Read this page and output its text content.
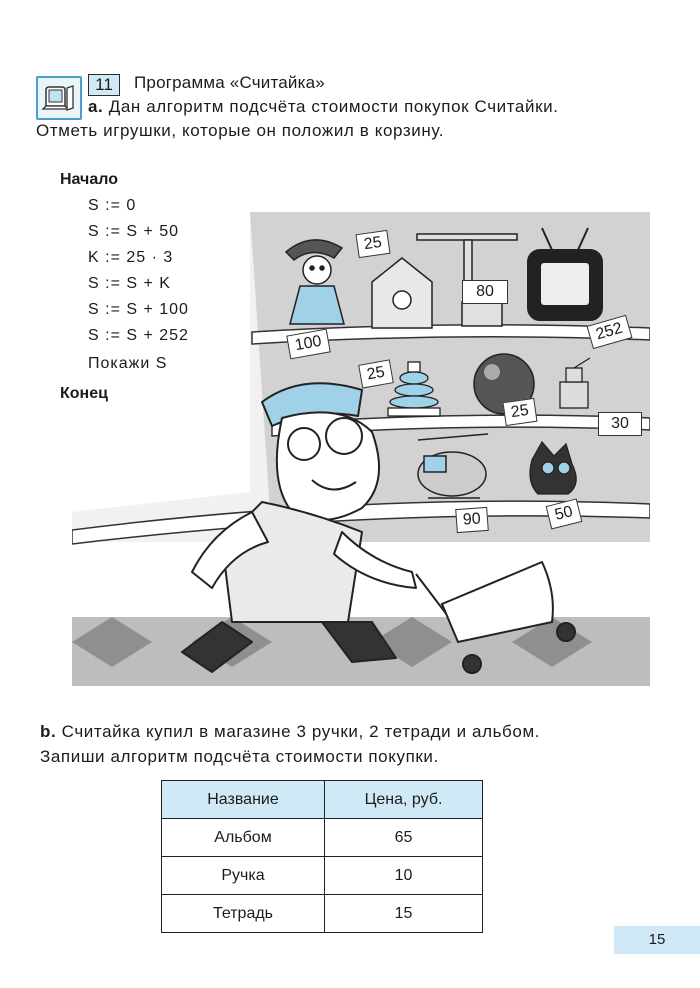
11	Программа «Считайка»
a. Дан алгоритм подсчёта стоимости покупок Считайки.
Отметь игрушки, которые он положил в корзину.
Начало
S := 0
S := S + 50
K := 25 · 3
S := S + K
S := S + 100
S := S + 252
Покажи S
Конец
25
80
252
100
25
25
30
90	50
b. Считайка купил в магазине 3 ручки, 2 тетради и альбом.
Запиши алгоритм подсчёта стоимости покупки.
Название	Цена, руб.
Альбом	65
Ручка	10
Тетрадь	15
15
